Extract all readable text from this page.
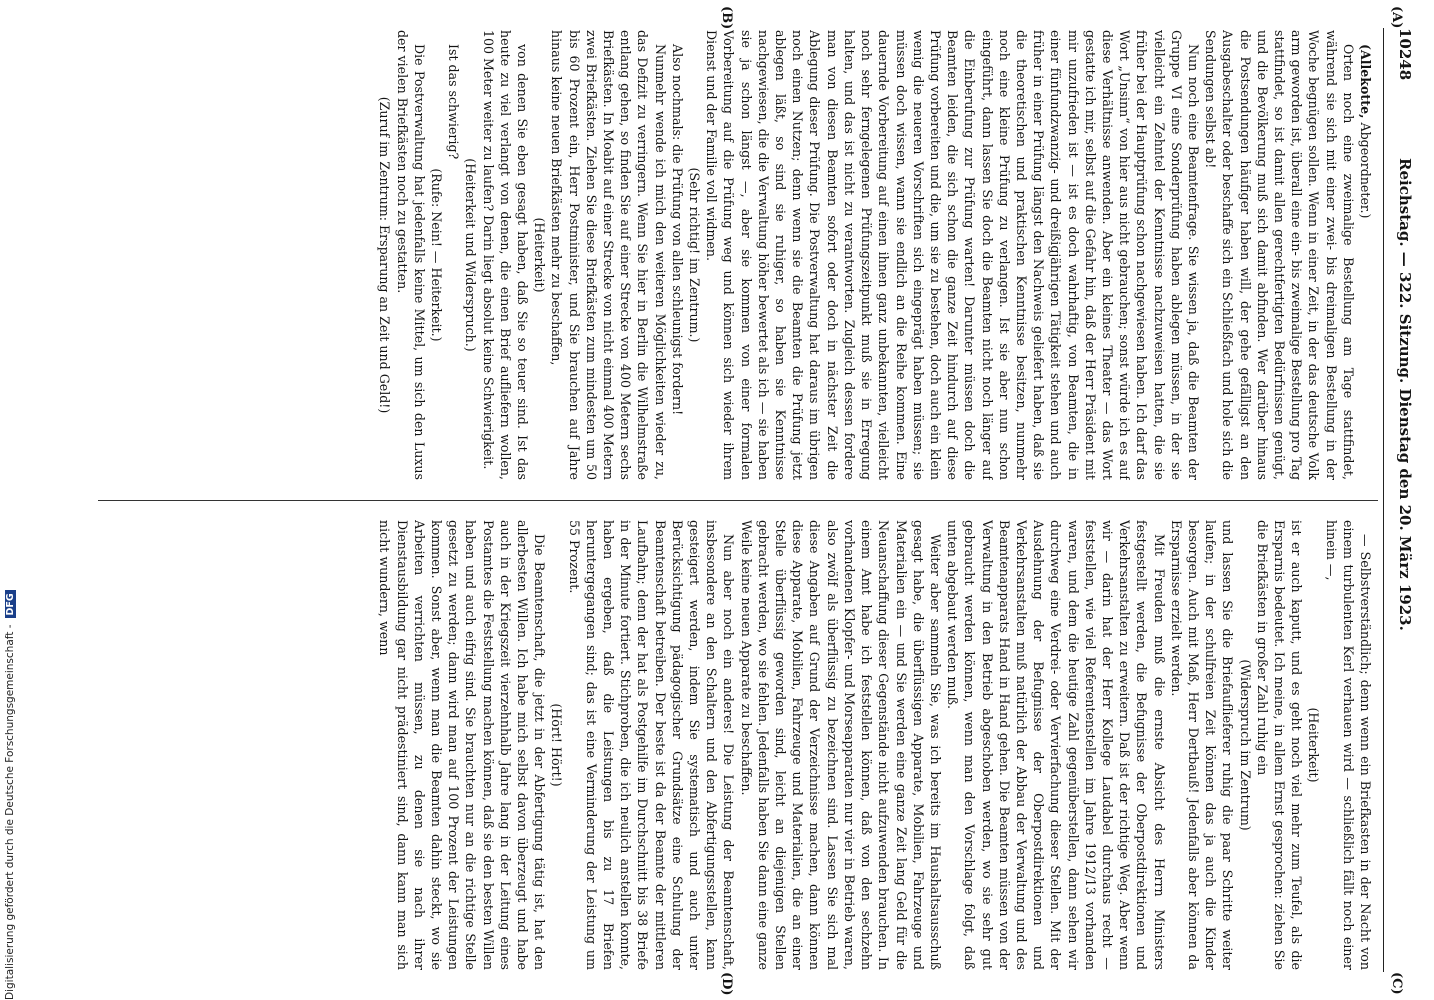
10248
Reichstag. — 322. Sitzung. Dienstag den 20. März 1923.
(A)
(B)
(C)
(D)

(Allekotte, Abgeordneter.)

Orten noch eine zweimalige Bestellung am Tage stattfindet, während sie sich mit einer zwei- bis dreimaligen Bestellung in der Woche begnügen sollen. Wenn in einer Zeit, in der das deutsche Volk arm geworden ist, überall eine ein- bis zweimalige Bestellung pro Tag stattfindet, so ist damit allen gerechtfertigten Bedürfnissen genügt, und die Bevölkerung muß sich damit abfinden. Wer darüber hinaus die Postsendungen häufiger haben will, der gehe gefälligst an den Ausgabeschalter oder beschaffe sich ein Schließfach und hole sich die Sendungen selbst ab!

Nun noch eine Beamtenfrage. Sie wissen ja, daß die Beamten der Gruppe VI eine Sonderprüfung haben ablegen müssen, in der sie vielleicht ein Zehntel der Kenntnisse nachzuweisen hatten, die sie früher bei der Hauptprüfung schon nachgewiesen haben. Ich darf das Wort „Unsinn“ von hier aus nicht gebrauchen; sonst würde ich es auf diese Verhältnisse anwenden. Aber ein kleines Theater — das Wort gestatte ich mir, selbst auf die Gefahr hin, daß der Herr Präsident mit mir unzufrieden ist — ist es doch wahrhaftig, von Beamten, die in einer fünfundzwanzig- und dreißigjährigen Tätigkeit stehen und auch früher in einer Prüfung längst den Nachweis geliefert haben, daß sie die theoretischen und praktischen Kenntnisse besitzen, nunmehr noch eine kleine Prüfung zu verlangen. Ist sie aber nun schon eingeführt, dann lassen Sie doch die Beamten nicht noch länger auf die Einberufung zur Prüfung warten! Darunter müssen doch die Beamten leiden, die sich schon die ganze Zeit hindurch auf diese Prüfung vorbereiten und die, um sie zu bestehen, doch auch ein klein wenig die neueren Vorschriften sich eingeprägt haben müssen; sie müssen doch wissen, wann sie endlich an die Reihe kommen. Eine dauernde Vorbereitung auf einen ihnen ganz unbekannten, vielleicht noch sehr ferngelegenen Prüfungszeitpunkt muß sie in Erregung halten, und das ist nicht zu verantworten. Zugleich dessen fordere man von diesen Beamten sofort oder doch in nächster Zeit die Ablegung dieser Prüfung. Die Postverwaltung hat daraus im übrigen noch einen Nutzen; denn wenn sie die Beamten die Prüfung jetzt ablegen läßt, so sind sie ruhiger, so haben sie Kenntnisse nachgewiesen, die die Verwaltung höher bewertet als ich — sie haben sie ja schon längst —, aber sie kommen von einer formalen Vorbereitung auf die Prüfung weg und können sich wieder ihrem Dienst und der Familie voll widmen.

(Sehr richtig! im Zentrum.)

Also nochmals: die Prüfung von allen schleunigst fordern!

Nunmehr wende ich mich den weiteren Möglichkeiten wieder zu, das Defizit zu verringern. Wenn Sie hier in Berlin die Wilhelmstraße entlang gehen, so finden Sie auf einer Strecke von 400 Metern sechs Briefkästen. In Moabit auf einer Strecke von nicht einmal 400 Metern zwei Briefkästen. Ziehen Sie diese Briefkästen zum mindesten um 50 bis 60 Prozent ein, Herr Postminister, und Sie brauchen auf Jahre hinaus keine neuen Briefkästen mehr zu beschaffen,

(Heiterkeit)

von denen Sie eben gesagt haben, daß Sie so teuer sind. Ist das heute zu viel verlangt von denen, die einen Brief aufliefern wollen, 100 Meter weiter zu laufen? Darin liegt absolut keine Schwierigkeit.

(Heiterkeit und Widerspruch.)

Ist das schwierig?

(Rufe: Nein! — Heiterkeit.)

Die Postverwaltung hat jedenfalls keine Mittel, um sich den Luxus der vielen Briefkästen noch zu gestatten.

(Zuruf im Zentrum: Ersparung an Zeit und Geld!)

— Selbstverständlich; denn wenn ein Briefkasten in der Nacht von einem turbulenten Kerl verhauen wird — schließlich fällt noch einer hinein —,

(Heiterkeit)

ist er auch kaputt, und es geht noch viel mehr zum Teufel, als die Ersparnis bedeutet. Ich meine, in allem Ernst gesprochen: ziehen Sie die Briefkästen in großer Zahl ruhig ein

(Widerspruch im Zentrum)

und lassen Sie die Briefauflieferer ruhig die paar Schritte weiter laufen; in der schulfreien Zeit können das ja auch die Kinder besorgen. Auch mit Maß, Herr Dertbauß! Jedenfalls aber können da Ersparnisse erzielt werden.

Mit Freuden muß die ernste Absicht des Herrn Ministers festgestellt werden, die Befugnisse der Oberpostdirektionen und Verkehrsanstalten zu erweitern. Daß ist der richtige Weg. Aber wenn wir — darin hat der Herr Kollege Laudabel durchaus recht — feststellen, wie viel Referentenstellen im Jahre 1912/13 vorhanden waren, und dem die heutige Zahl gegenüberstellen, dann sehen wir durchweg eine Verdrei- oder Vervierfachung dieser Stellen. Mit der Ausdehnung der Befugnisse der Oberpostdirektionen und Verkehrsanstalten muß natürlich der Abbau der Verwaltung und des Beamtenapparats Hand in Hand gehen. Die Beamten müssen von der Verwaltung in den Betrieb abgeschoben werden, wo sie sehr gut gebraucht werden können, wenn man den Vorschlage folgt, daß unten abgebaut werden muß.

Weiter aber sammeln Sie, was ich bereits im Haushaltsausschuß gesagt habe, die überflüssigen Apparate, Mobilien, Fahrzeuge und Materialien ein — und Sie werden eine ganze Zeit lang Geld für die Neuanschaffung dieser Gegenstände nicht aufzuwenden brauchen. In einem Amt habe ich feststellen können, daß von den sechzehn vorhandenen Klopfer- und Morseapparaten nur vier in Betrieb waren, also zwölf als überflüssig zu bezeichnen sind. Lassen Sie sich mal diese Angaben auf Grund der Verzeichnisse machen, dann können diese Apparate, Mobilien, Fahrzeuge und Materialien, die an einer Stelle überflüssig geworden sind, leicht an diejenigen Stellen gebracht werden, wo sie fehlen. Jedenfalls haben Sie dann eine ganze Weile keine neuen Apparate zu beschaffen.

Nun aber noch ein anderes! Die Leistung der Beamtenschaft, insbesondere an den Schaltern und den Abfertigungsstellen, kann gesteigert werden, indem Sie systematisch und auch unter Berücksichtigung pädagogischer Grundsätze eine Schulung der Beamtenschaft betreiben. Der beste ist da der Beamte der mittleren Laufbahn; denn der hat als Postgehilfe im Durchschnitt bis 38 Briefe in der Minute fortiert. Stichproben, die ich neulich anstellen konnte, haben ergeben, daß die Leistungen bis zu 17 Briefen heruntergegangen sind; das ist eine Verminderung der Leistung um 55 Prozent.

(Hört! Hört!)

Die Beamtenschaft, die jetzt in der Abfertigung tätig ist, hat den allerbesten Willen. Ich habe mich selbst davon überzeugt und habe auch in der Kriegszeit vierzehnhalb Jahre lang in der Leitung eines Postamtes die Feststellung machen können, daß sie den besten Willen haben und auch eifrig sind. Sie brauchten nur an die richtige Stelle gesetzt zu werden; dann wird man auf 100 Prozent der Leistungen kommen. Sonst aber, wenn man die Beamten dahin steckt, wo sie Arbeiten verrichten müssen, zu denen sie nach ihrer Dienstausbildung gar nicht prädestiniert sind, dann kann man sich nicht wundern, wenn

Digitalisierung gefördert durch die Deutsche Forschungsgemeinschaft -DFG
